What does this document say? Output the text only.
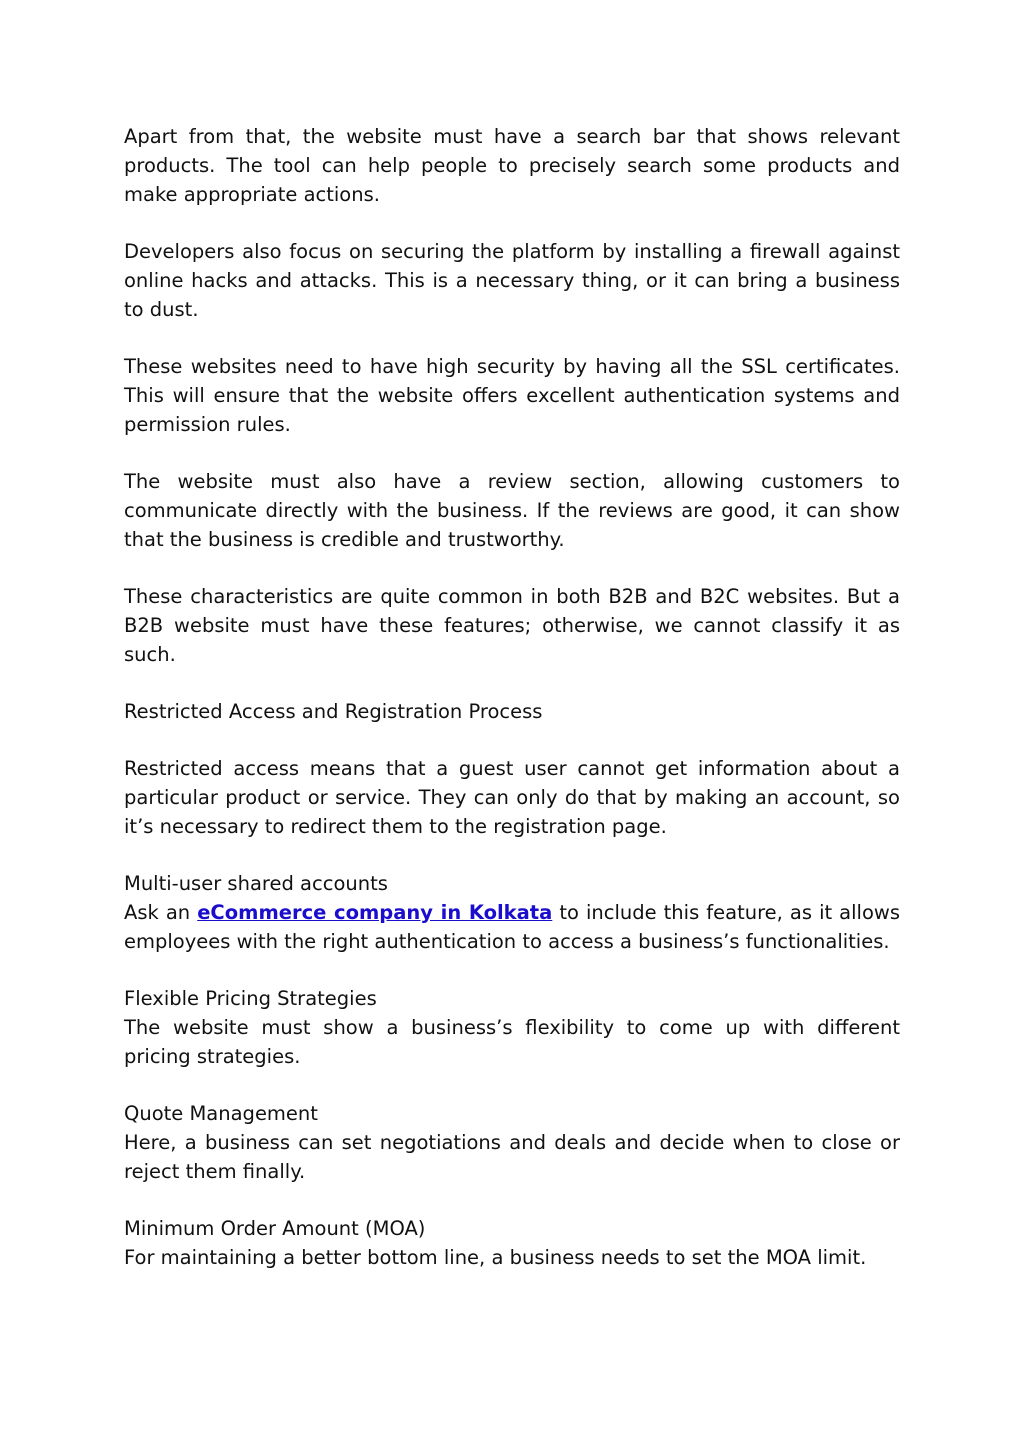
Apart from that, the website must have a search bar that shows relevant products. The tool can help people to precisely search some products and make appropriate actions.

Developers also focus on securing the platform by installing a firewall against online hacks and attacks. This is a necessary thing, or it can bring a business to dust.

These websites need to have high security by having all the SSL certificates. This will ensure that the website offers excellent authentication systems and permission rules.

The website must also have a review section, allowing customers to communicate directly with the business. If the reviews are good, it can show that the business is credible and trustworthy.

These characteristics are quite common in both B2B and B2C websites. But a B2B website must have these features; otherwise, we cannot classify it as such.

Restricted Access and Registration Process

Restricted access means that a guest user cannot get information about a particular product or service. They can only do that by making an account, so it’s necessary to redirect them to the registration page.

Multi-user shared accounts

Ask an eCommerce company in Kolkata to include this feature, as it allows employees with the right authentication to access a business’s functionalities.

Flexible Pricing Strategies

The website must show a business’s flexibility to come up with different pricing strategies.

Quote Management

Here, a business can set negotiations and deals and decide when to close or reject them finally.

Minimum Order Amount (MOA)

For maintaining a better bottom line, a business needs to set the MOA limit.
